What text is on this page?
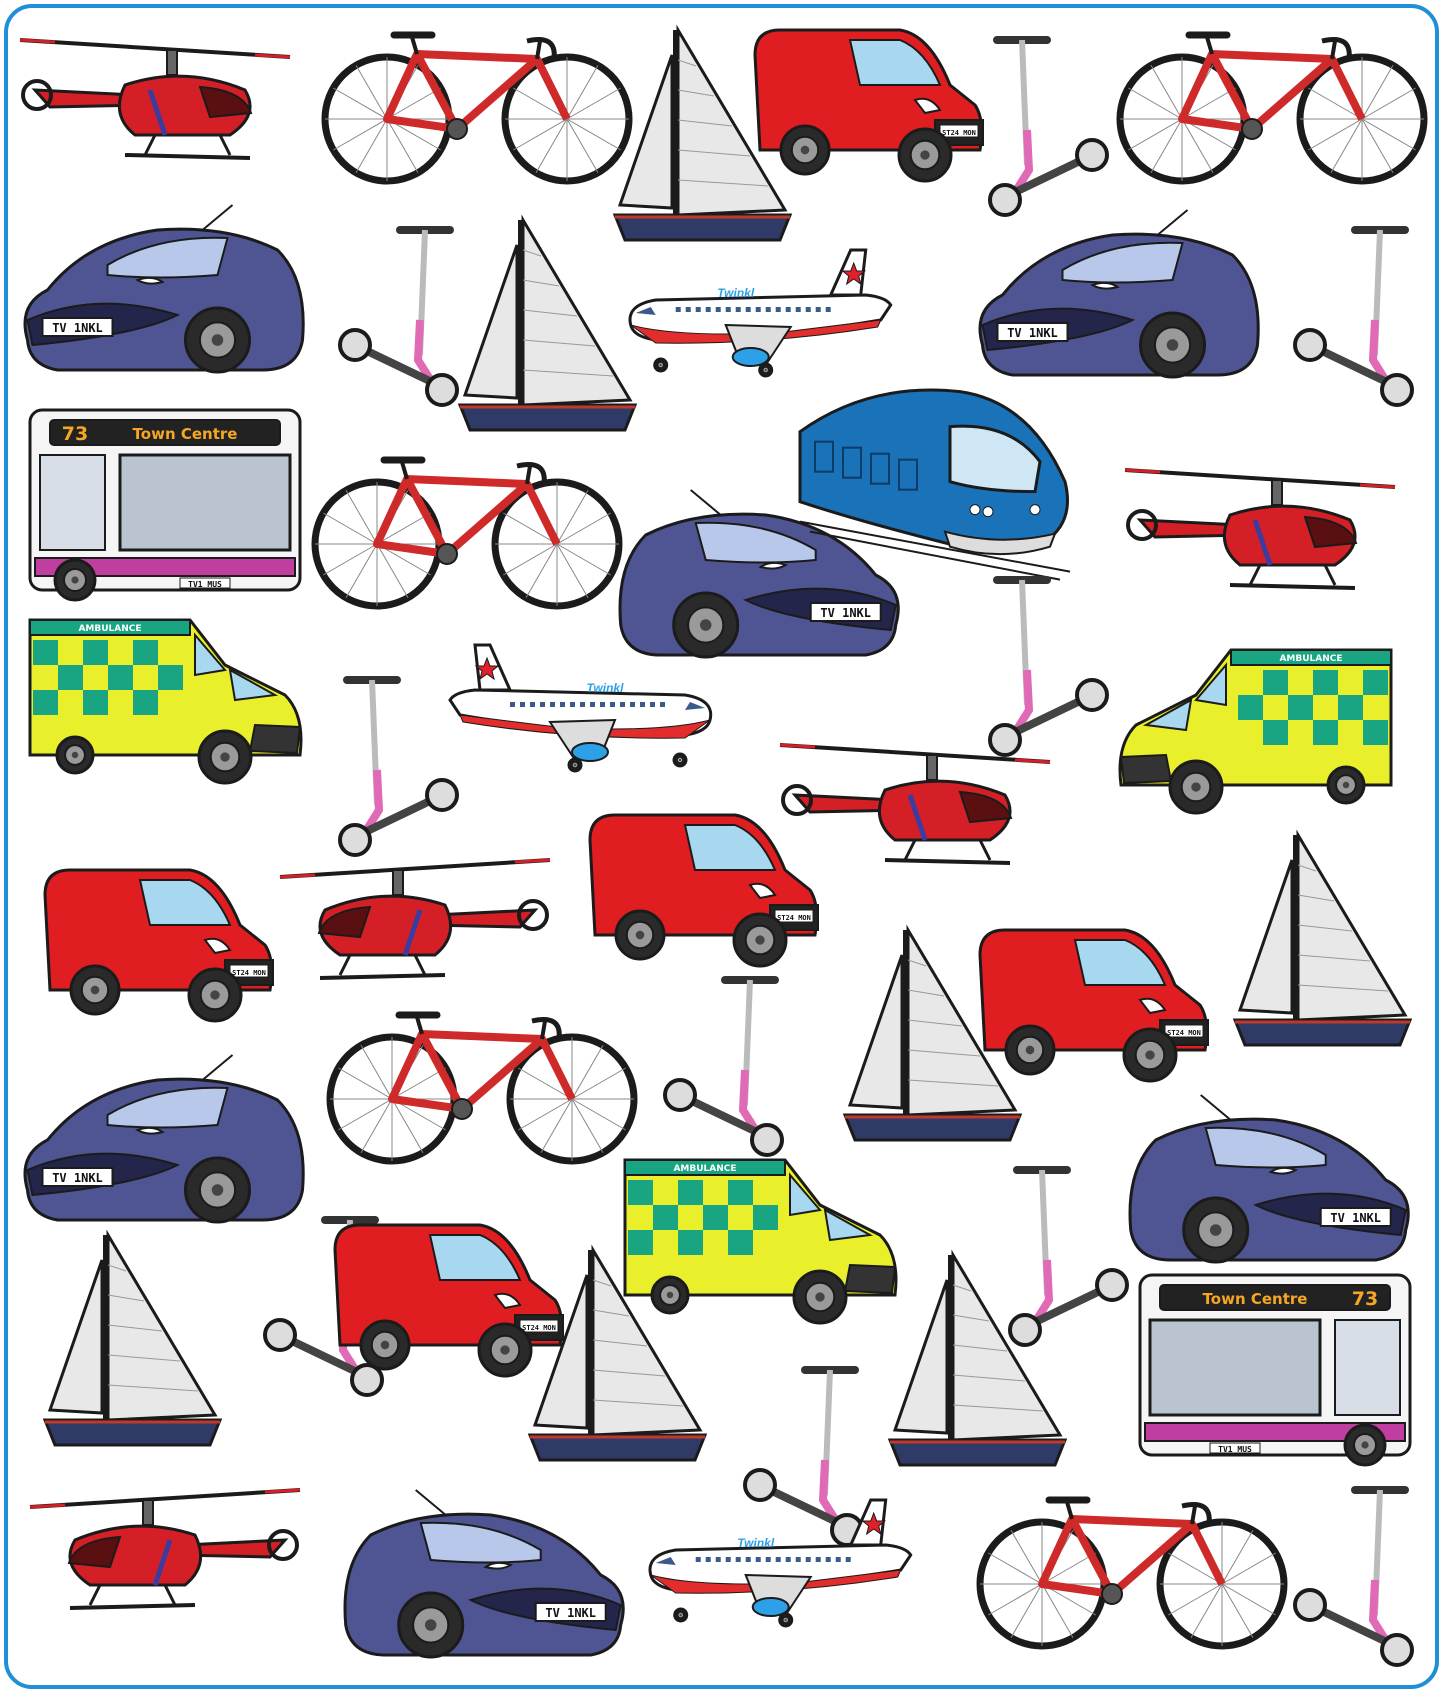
ST24 MON
TV 1NKL
Twinkl
TV 1NKL
Town Centre
73
TV1 MUS
TV 1NKL
AMBULANCE
Twinkl
AMBULANCE
ST24 MON
ST24 MON
ST24 MON
TV 1NKL
TV 1NKL
AMBULANCE
ST24 MON
Town Centre 73
TV1 MUS
TV 1NKL
Twinkl
